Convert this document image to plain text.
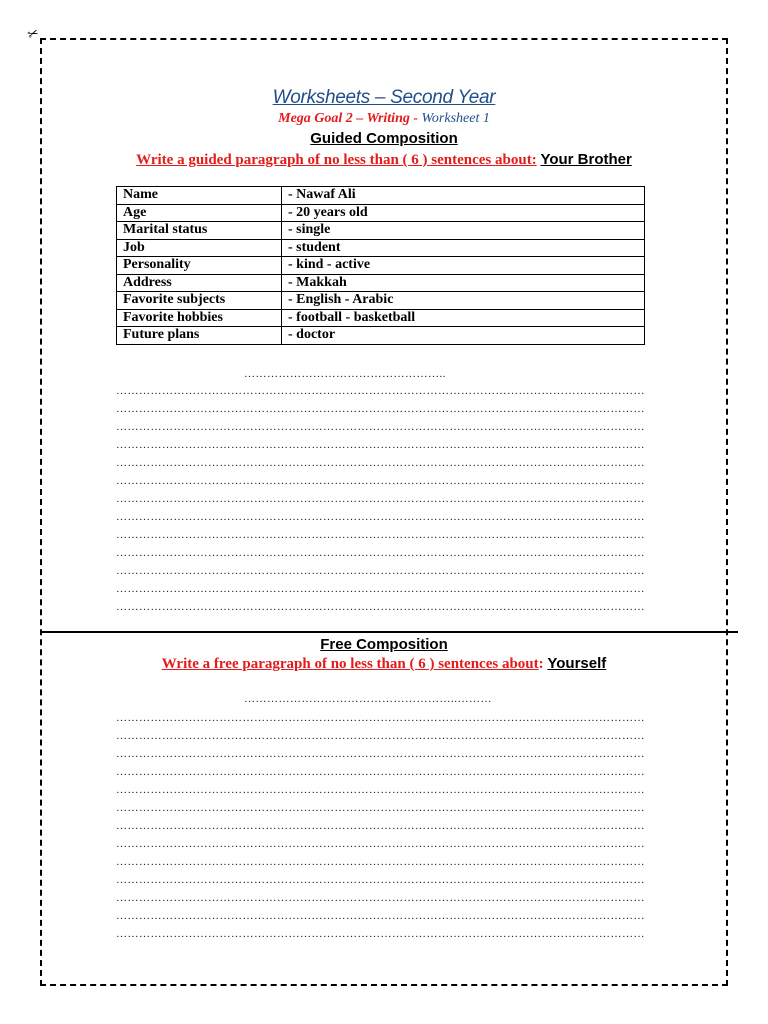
✂
Worksheets – Second Year
Mega Goal 2 – Writing - Worksheet 1
Guided Composition
Write a guided paragraph of no less than ( 6 ) sentences about: Your Brother
Name	- Nawaf Ali
Age	- 20 years old
Marital status	- single
Job	- student
Personality	- kind - active
Address	- Makkah
Favorite subjects	- English - Arabic
Favorite hobbies	- football - basketball
Future plans	- doctor
……………………………………………..
…………………………………………………………………………………………………………………………
…………………………………………………………………………………………………………………………
…………………………………………………………………………………………………………………………
…………………………………………………………………………………………………………………………
…………………………………………………………………………………………………………………………
…………………………………………………………………………………………………………………………
…………………………………………………………………………………………………………………………
…………………………………………………………………………………………………………………………
…………………………………………………………………………………………………………………………
…………………………………………………………………………………………………………………………
…………………………………………………………………………………………………………………………
…………………………………………………………………………………………………………………………
…………………………………………………………………………………………………………………………
Free Composition
Write a free paragraph of no less than ( 6 ) sentences about: Yourself
………………………………………………..………
…………………………………………………………………………………………………………………………
…………………………………………………………………………………………………………………………
…………………………………………………………………………………………………………………………
…………………………………………………………………………………………………………………………
…………………………………………………………………………………………………………………………
…………………………………………………………………………………………………………………………
…………………………………………………………………………………………………………………………
…………………………………………………………………………………………………………………………
…………………………………………………………………………………………………………………………
…………………………………………………………………………………………………………………………
…………………………………………………………………………………………………………………………
…………………………………………………………………………………………………………………………
…………………………………………………………………………………………………………………………
